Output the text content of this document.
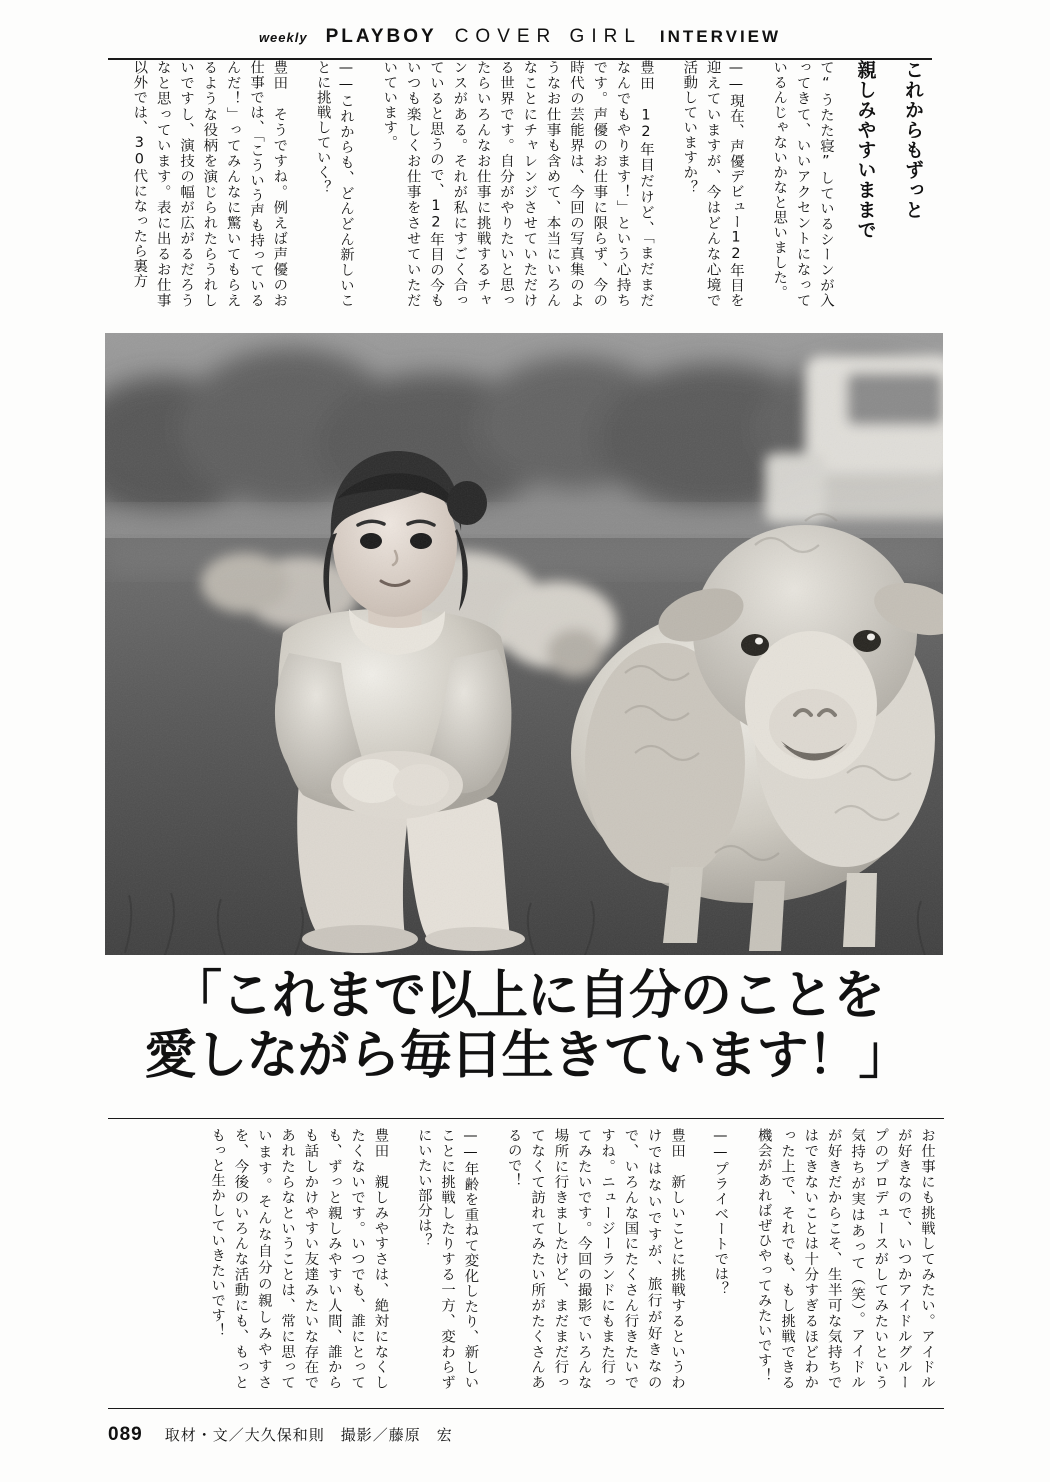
weekly PLAYBOY COVER GIRL INTERVIEW
これからもずっと
親しみやすいままで
て“うたた寝”しているシーンが入ってきて、いいアクセントになっているんじゃないかなと思いました。
——現在、声優デビュー12年目を迎えていますが、今はどんな心境で活動していますか？
豊田　12年目だけど、「まだまだなんでもやります！」という心持ちです。声優のお仕事に限らず、今の時代の芸能界は、今回の写真集のようなお仕事も含めて、本当にいろんなことにチャレンジさせていただける世界です。自分がやりたいと思ったらいろんなお仕事に挑戦するチャンスがある。それが私にすごく合っていると思うので、12年目の今もいつも楽しくお仕事をさせていただいています。
——これからも、どんどん新しいことに挑戦していく？
豊田　そうですね。例えば声優のお仕事では、「こういう声も持っているんだ！」ってみんなに驚いてもらえるような役柄を演じられたらうれしいですし、演技の幅が広がるだろうなと思っています。表に出るお仕事以外では、30代になったら裏方
「これまで以上に自分のことを
愛しながら毎日生きています！」
お仕事にも挑戦してみたい。アイドルが好きなので、いつかアイドルグループのプロデュースがしてみたいという気持ちが実はあって（笑）。アイドルが好きだからこそ、生半可な気持ちではできないことは十分すぎるほどわかった上で、それでも、もし挑戦できる機会があればぜひやってみたいです！
——プライベートでは？
豊田　新しいことに挑戦するというわけではないですが、旅行が好きなので、いろんな国にたくさん行きたいですね。ニュージーランドにもまた行ってみたいです。今回の撮影でいろんな場所に行きましたけど、まだまだ行ってなくて訪れてみたい所がたくさんあるので！
——年齢を重ねて変化したり、新しいことに挑戦したりする一方、変わらずにいたい部分は？
豊田　親しみやすさは、絶対になくしたくないです。いつでも、誰にとっても、ずっと親しみやすい人間、誰からも話しかけやすい友達みたいな存在であれたらなということは、常に思っています。そんな自分の親しみやすさを、今後のいろんな活動にも、もっともっと生かしていきたいです！
089 取材・文／大久保和則　撮影／藤原　宏
